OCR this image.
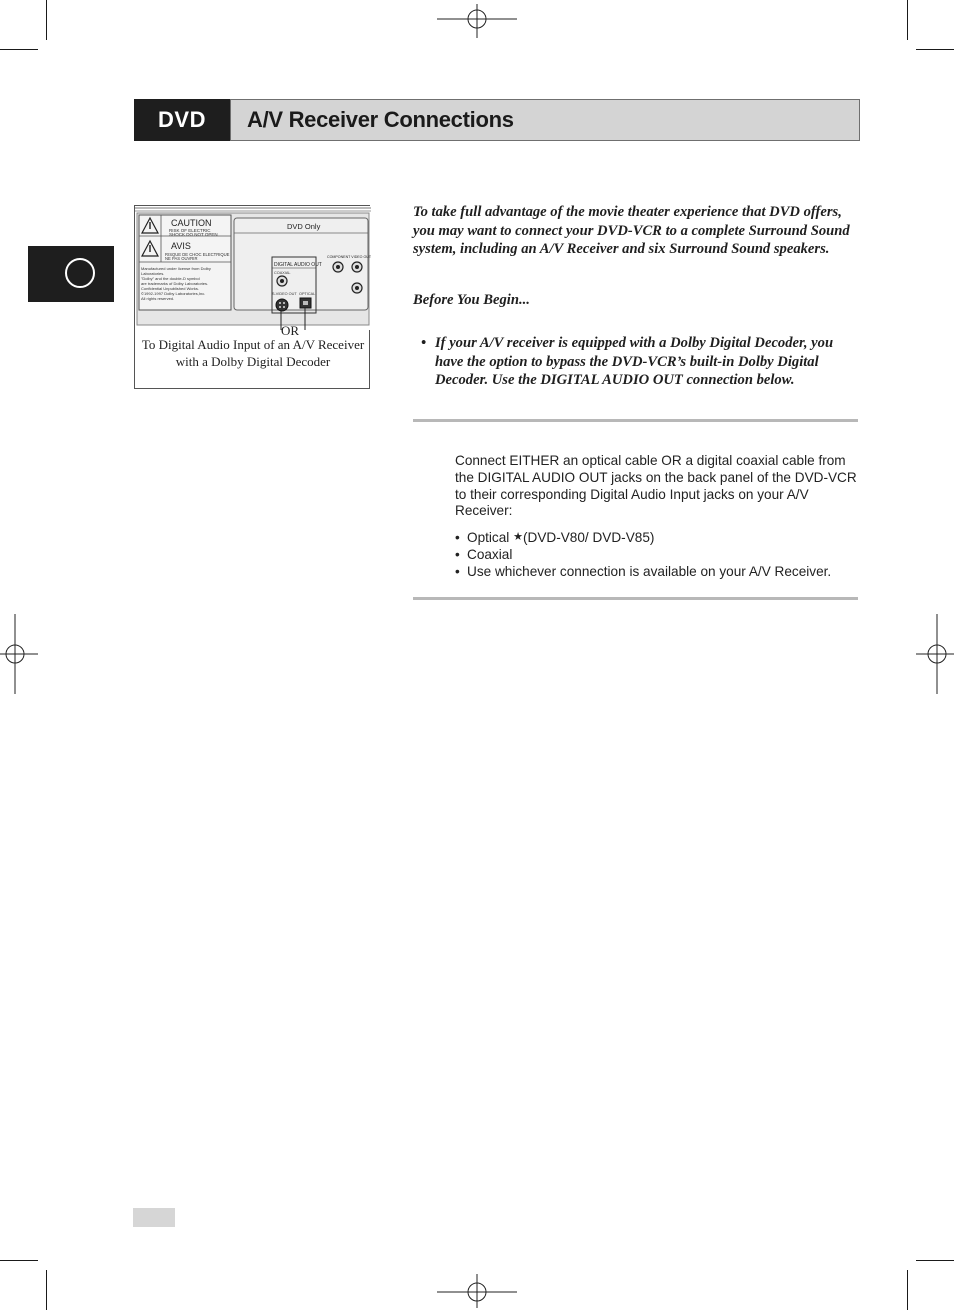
DVD	A/V Receiver Connections
CAUTION
RISK OF ELECTRIC
SHOCK DO NOT OPEN
AVIS
RISQUE DE CHOC ELECTRIQUE
NE PAS OUVRIR
Manufactured under license from Dolby
Laboratories.
"Dolby" and the double-D symbol
are trademarks of Dolby Laboratories.
Confidential Unpublished Works.
©1992-1997 Dolby Laboratories,Inc.
All rights reserved.
DVD Only
DIGITAL AUDIO OUT
COAXIAL
S-VIDEO OUT OPTICAL
COMPONENT VIDEO OUT
OR
To Digital Audio Input of an A/V Receiver with a Dolby Digital Decoder
To take full advantage of the movie theater experience that DVD offers, you may want to connect your DVD-VCR to a complete Surround Sound system, including an A/V Receiver and six Surround Sound speakers.
Before You Begin...
• If your A/V receiver is equipped with a Dolby Digital Decoder, you have the option to bypass the DVD-VCR’s built-in Dolby Digital Decoder. Use the DIGITAL AUDIO OUT connection below.
Connect EITHER an optical cable OR a digital coaxial cable from the DIGITAL AUDIO OUT jacks on the back panel of the DVD-VCR to their corresponding Digital Audio Input jacks on your A/V Receiver:
• Optical ★(DVD-V80/ DVD-V85)
• Coaxial
• Use whichever connection is available on your A/V Receiver.
